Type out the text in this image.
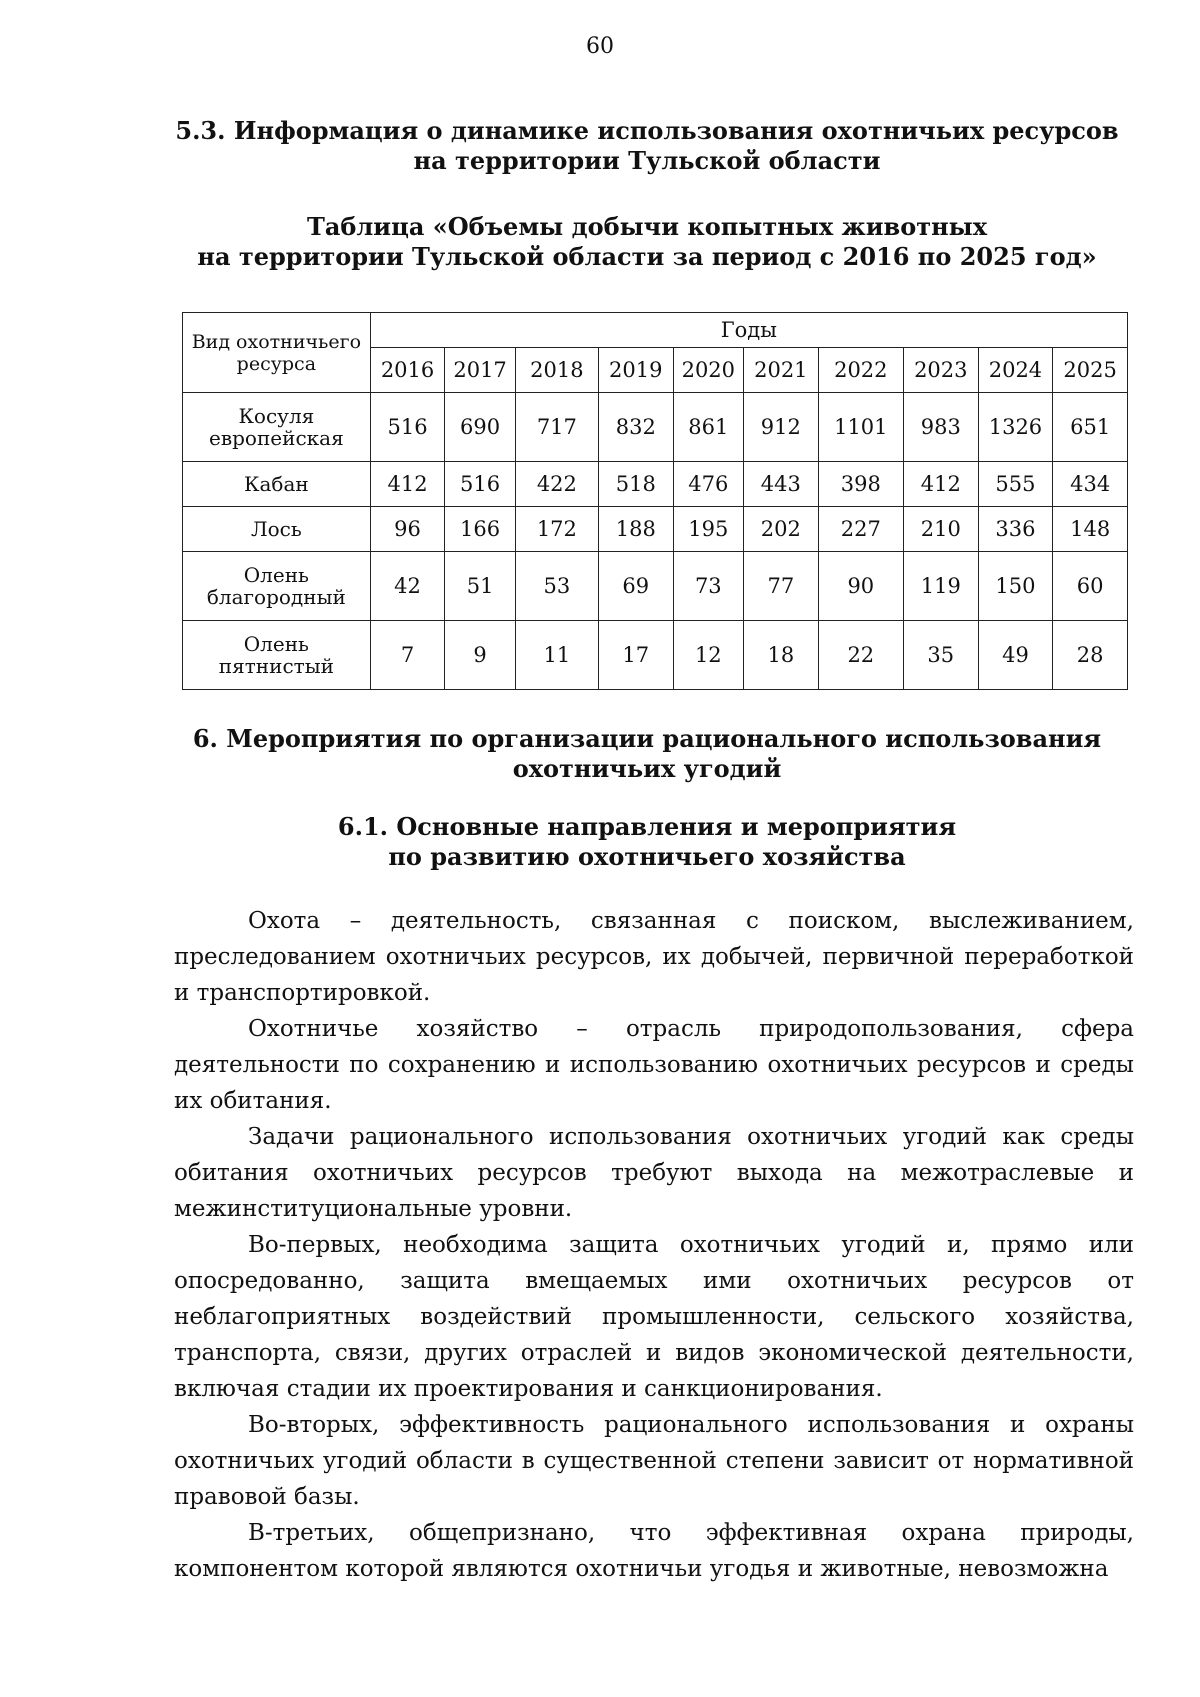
60
5.3. Информация о динамике использования охотничьих ресурсов
на территории Тульской области
Таблица «Объемы добычи копытных животных
на территории Тульской области за период с 2016 по 2025 год»
Вид охотничьего ресурса	Годы									
	2016	2017	2018	2019	2020	2021	2022	2023	2024	2025
Косуля европейская	516	690	717	832	861	912	1101	983	1326	651
Кабан	412	516	422	518	476	443	398	412	555	434
Лось	96	166	172	188	195	202	227	210	336	148
Олень благородный	42	51	53	69	73	77	90	119	150	60
Олень пятнистый	7	9	11	17	12	18	22	35	49	28
6. Мероприятия по организации рационального использования
охотничьих угодий
6.1. Основные направления и мероприятия
по развитию охотничьего хозяйства

Охота – деятельность, связанная с поиском, выслеживанием, преследованием охотничьих ресурсов, их добычей, первичной переработкой и транспортировкой.

Охотничье хозяйство – отрасль природопользования, сфера деятельности по сохранению и использованию охотничьих ресурсов и среды их обитания.

Задачи рационального использования охотничьих угодий как среды обитания охотничьих ресурсов требуют выхода на межотраслевые и межинституциональные уровни.

Во-первых, необходима защита охотничьих угодий и, прямо или опосредованно, защита вмещаемых ими охотничьих ресурсов от неблагоприятных воздействий промышленности, сельского хозяйства, транспорта, связи, других отраслей и видов экономической деятельности, включая стадии их проектирования и санкционирования.

Во-вторых, эффективность рационального использования и охраны охотничьих угодий области в существенной степени зависит от нормативной правовой базы.

В-третьих, общепризнано, что эффективная охрана природы, компонентом которой являются охотничьи угодья и животные, невозможна
